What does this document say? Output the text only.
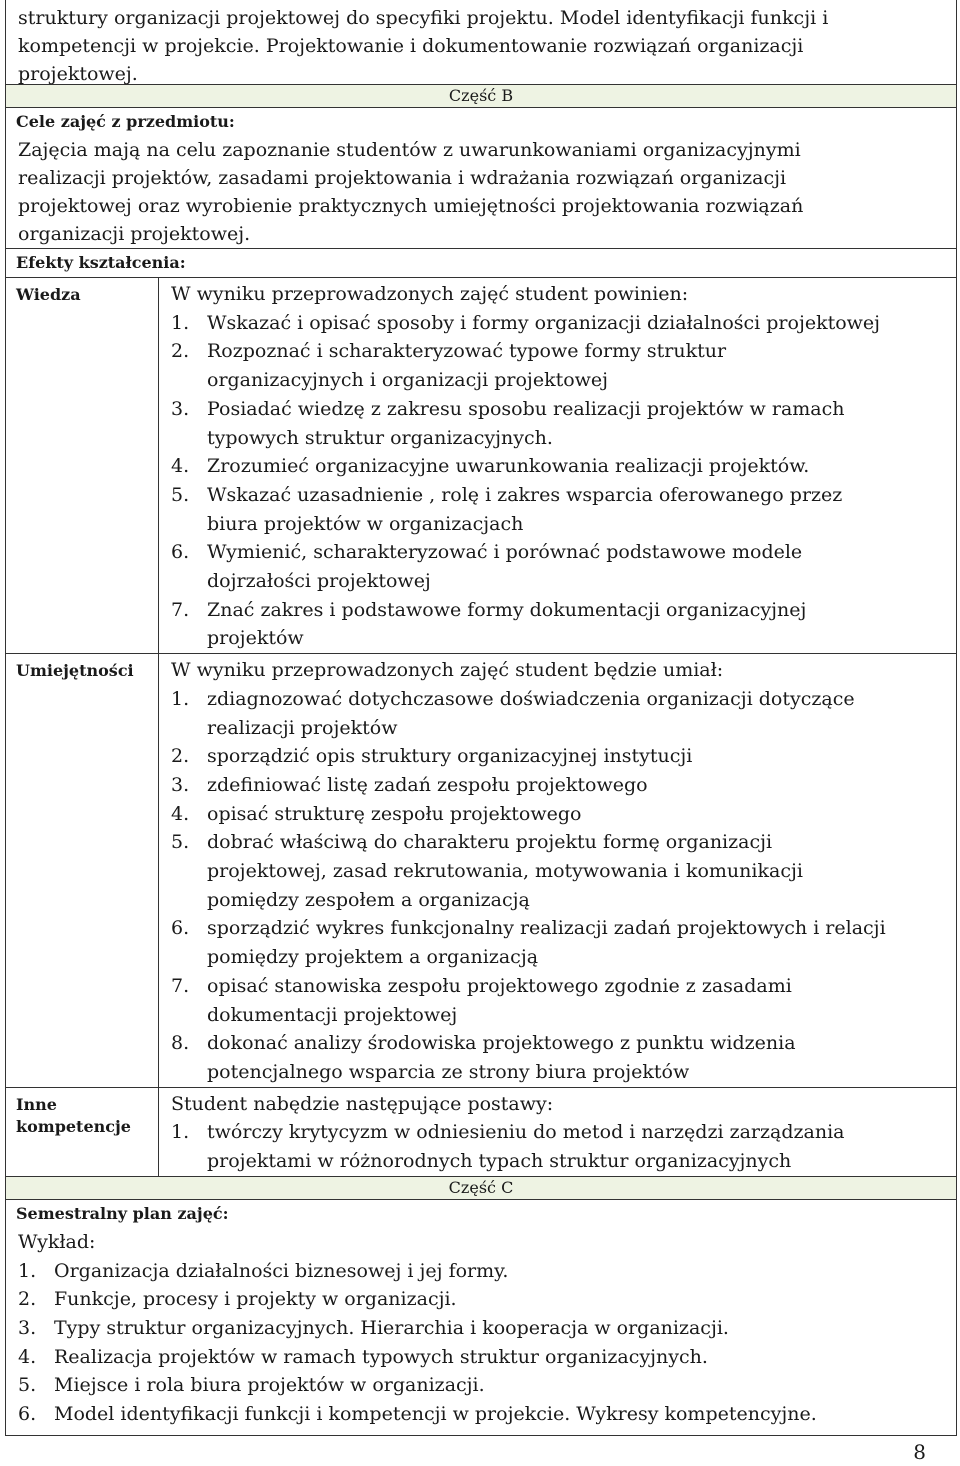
struktury organizacji projektowej do specyfiki projektu. Model identyfikacji funkcji i
kompetencji w projekcie. Projektowanie i dokumentowanie rozwiązań organizacji
projektowej.
Część B
Cele zajęć z przedmiotu:
Zajęcia mają na celu zapoznanie studentów z uwarunkowaniami organizacyjnymi
realizacji projektów, zasadami projektowania i wdrażania rozwiązań organizacji
projektowej oraz wyrobienie praktycznych umiejętności projektowania rozwiązań
organizacji projektowej.
Efekty kształcenia:
Wiedza	W wyniku przeprowadzonych zajęć student powinien:
1. Wskazać i opisać sposoby i formy organizacji działalności projektowej
2. Rozpoznać i scharakteryzować typowe formy struktur
organizacyjnych i organizacji projektowej
3. Posiadać wiedzę z zakresu sposobu realizacji projektów w ramach
typowych struktur organizacyjnych.
4. Zrozumieć organizacyjne uwarunkowania realizacji projektów.
5. Wskazać uzasadnienie , rolę i zakres wsparcia oferowanego przez
biura projektów w organizacjach
6. Wymienić, scharakteryzować i porównać podstawowe modele
dojrzałości projektowej
7. Znać zakres i podstawowe formy dokumentacji organizacyjnej
projektów
Umiejętności	W wyniku przeprowadzonych zajęć student będzie umiał:
1. zdiagnozować dotychczasowe doświadczenia organizacji dotyczące
realizacji projektów
2. sporządzić opis struktury organizacyjnej instytucji
3. zdefiniować listę zadań zespołu projektowego
4. opisać strukturę zespołu projektowego
5. dobrać właściwą do charakteru projektu formę organizacji
projektowej, zasad rekrutowania, motywowania i komunikacji
pomiędzy zespołem a organizacją
6. sporządzić wykres funkcjonalny realizacji zadań projektowych i relacji
pomiędzy projektem a organizacją
7. opisać stanowiska zespołu projektowego zgodnie z zasadami
dokumentacji projektowej
8. dokonać analizy środowiska projektowego z punktu widzenia
potencjalnego wsparcia ze strony biura projektów
Inne
kompetencje
Student nabędzie następujące postawy:
1. twórczy krytycyzm w odniesieniu do metod i narzędzi zarządzania
projektami w różnorodnych typach struktur organizacyjnych
Część C
Semestralny plan zajęć:
Wykład:
1. Organizacja działalności biznesowej i jej formy.
2. Funkcje, procesy i projekty w organizacji.
3. Typy struktur organizacyjnych. Hierarchia i kooperacja w organizacji.
4. Realizacja projektów w ramach typowych struktur organizacyjnych.
5. Miejsce i rola biura projektów w organizacji.
6. Model identyfikacji funkcji i kompetencji w projekcie. Wykresy kompetencyjne.
8
